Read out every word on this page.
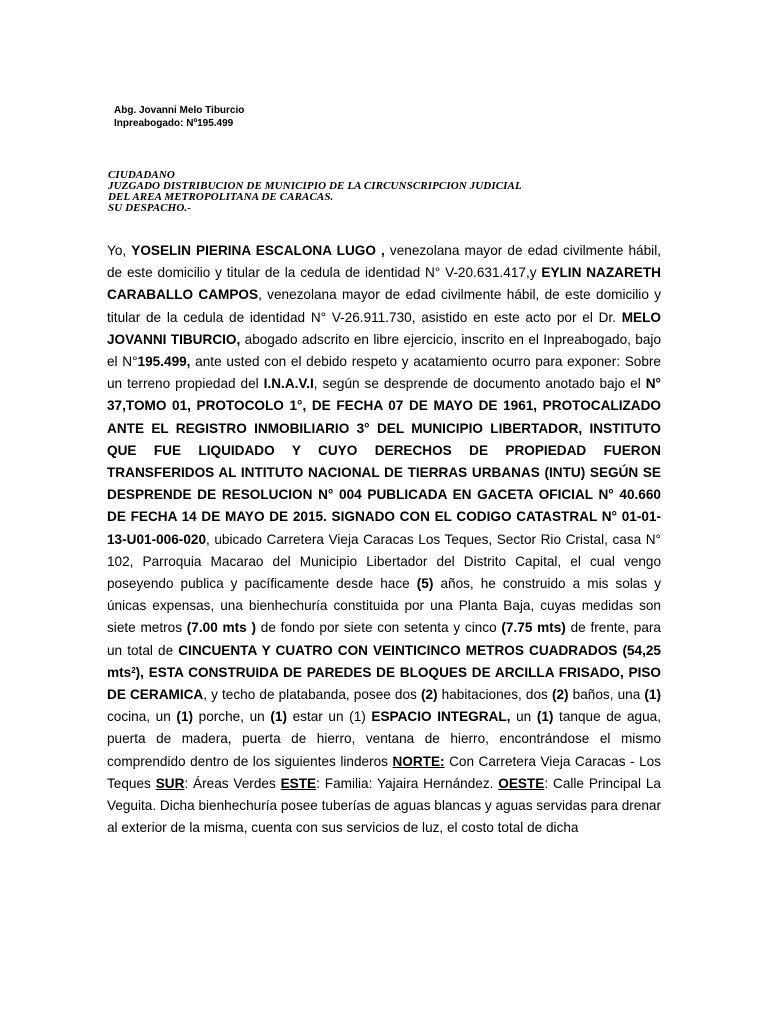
Abg. Jovanni Melo Tiburcio
Inpreabogado: Nº195.499
CIUDADANO
JUZGADO DISTRIBUCION DE MUNICIPIO DE LA CIRCUNSCRIPCION JUDICIAL
DEL AREA METROPOLITANA DE CARACAS.
SU DESPACHO.-

Yo, YOSELIN PIERINA ESCALONA LUGO , venezolana mayor de edad civilmente hábil, de este domicilio y titular de la cedula de identidad N° V-20.631.417,y EYLIN NAZARETH CARABALLO CAMPOS, venezolana mayor de edad civilmente hábil, de este domicilio y titular de la cedula de identidad N° V-26.911.730, asistido en este acto por el Dr. MELO JOVANNI TIBURCIO, abogado adscrito en libre ejercicio, inscrito en el Inpreabogado, bajo el N°195.499, ante usted con el debido respeto y acatamiento ocurro para exponer: Sobre un terreno propiedad del I.N.A.V.I, según se desprende de documento anotado bajo el N° 37,TOMO 01, PROTOCOLO 1°, DE FECHA 07 DE MAYO DE 1961, PROTOCALIZADO ANTE EL REGISTRO INMOBILIARIO 3° DEL MUNICIPIO LIBERTADOR, INSTITUTO QUE FUE LIQUIDADO Y CUYO DERECHOS DE PROPIEDAD FUERON TRANSFERIDOS AL INTITUTO NACIONAL DE TIERRAS URBANAS (INTU) SEGÚN SE DESPRENDE DE RESOLUCION N° 004 PUBLICADA EN GACETA OFICIAL N° 40.660 DE FECHA 14 DE MAYO DE 2015. SIGNADO CON EL CODIGO CATASTRAL N° 01-01-13-U01-006-020, ubicado Carretera Vieja Caracas Los Teques, Sector Rio Cristal, casa N° 102, Parroquia Macarao del Municipio Libertador del Distrito Capital, el cual vengo poseyendo publica y pacíficamente desde hace (5) años, he construido a mis solas y únicas expensas, una bienhechuría constituida por una Planta Baja, cuyas medidas son siete metros (7.00 mts ) de fondo por siete con setenta y cinco (7.75 mts) de frente, para un total de CINCUENTA Y CUATRO CON VEINTICINCO METROS CUADRADOS (54,25 mts$^2$), ESTA CONSTRUIDA DE PAREDES DE BLOQUES DE ARCILLA FRISADO, PISO DE CERAMICA, y techo de platabanda, posee dos (2) habitaciones, dos (2) baños, una (1) cocina, un (1) porche, un (1) estar un (1) ESPACIO INTEGRAL, un (1) tanque de agua, puerta de madera, puerta de hierro, ventana de hierro, encontrándose el mismo comprendido dentro de los siguientes linderos NORTE: Con Carretera Vieja Caracas - Los Teques SUR: Áreas Verdes ESTE: Familia: Yajaira Hernández. OESTE: Calle Principal La Veguita. Dicha bienhechuría posee tuberías de aguas blancas y aguas servidas para drenar al exterior de la misma, cuenta con sus servicios de luz, el costo total de dicha
